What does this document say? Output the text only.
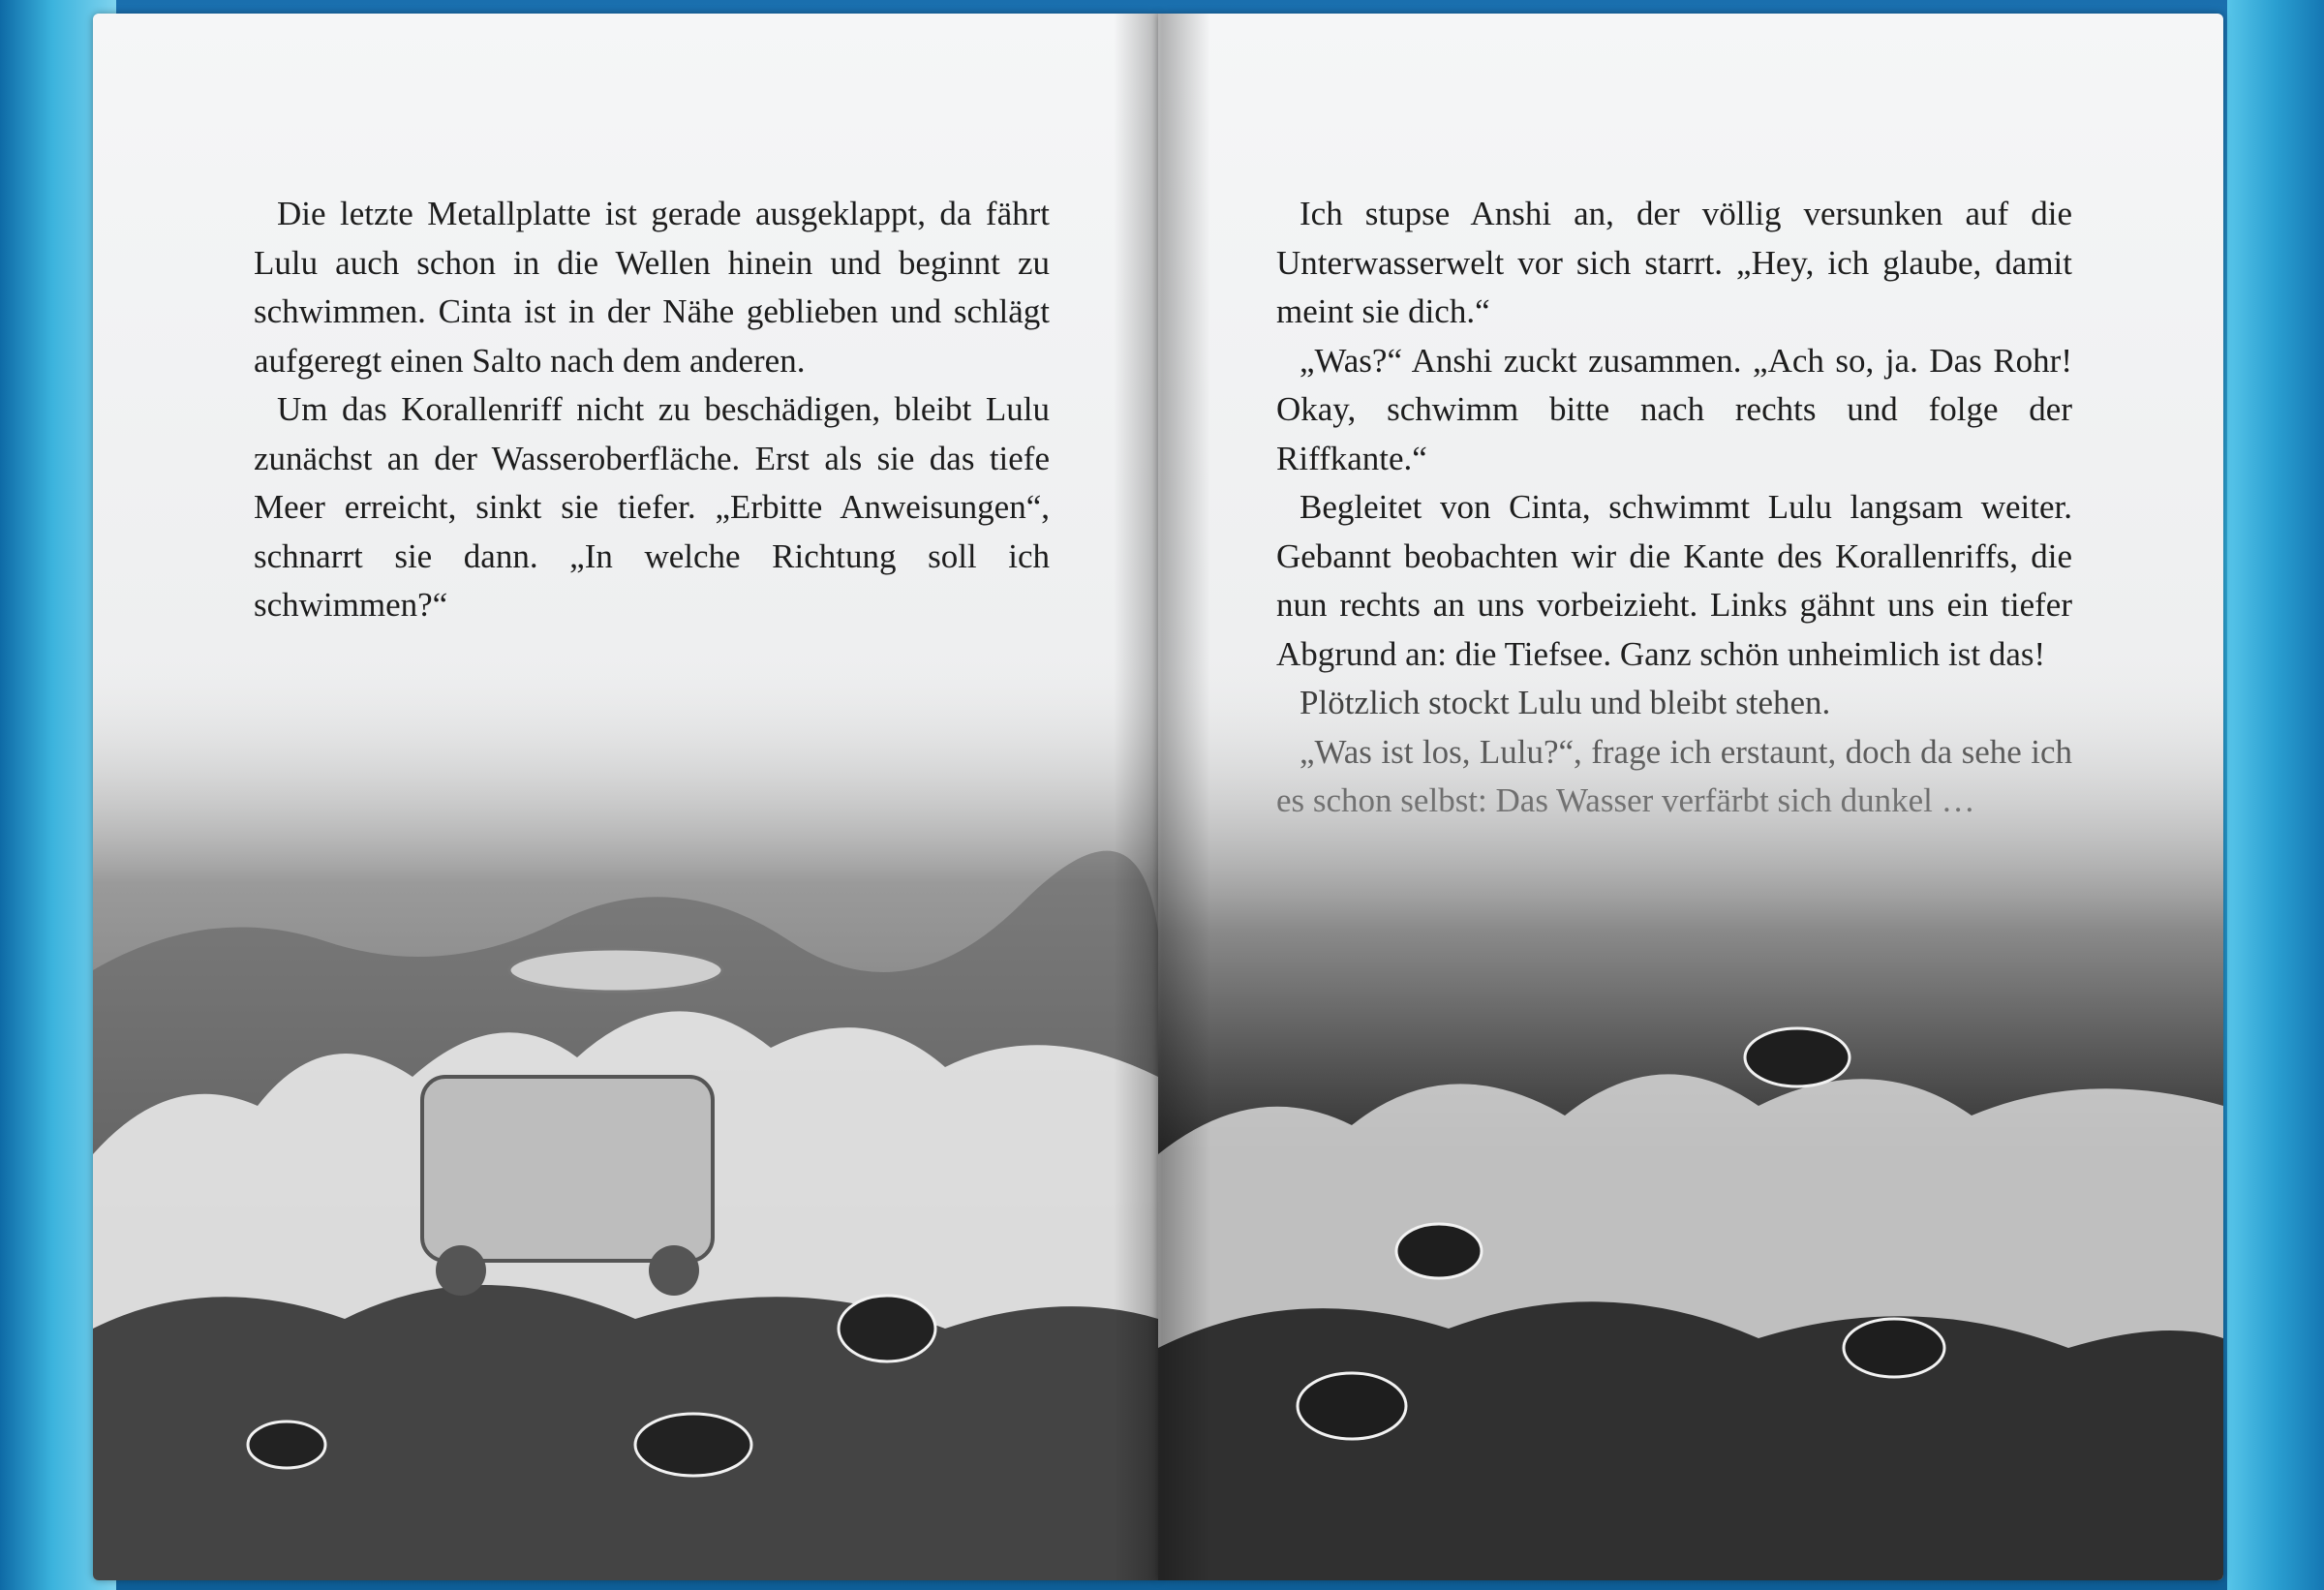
Die letzte Metallplatte ist gerade ausgeklappt, da fährt Lulu auch schon in die Wellen hinein und beginnt zu schwimmen. Cinta ist in der Nähe geblieben und schlägt aufgeregt einen Salto nach dem anderen.

Um das Korallenriff nicht zu beschädigen, bleibt Lulu zunächst an der Wasseroberfläche. Erst als sie das tiefe Meer erreicht, sinkt sie tiefer. „Erbitte Anweisungen“, schnarrt sie dann. „In welche Richtung soll ich schwimmen?“

Ich stupse Anshi an, der völlig versunken auf die Unterwasserwelt vor sich starrt. „Hey, ich glaube, damit meint sie dich.“

„Was?“ Anshi zuckt zusammen. „Ach so, ja. Das Rohr! Okay, schwimm bitte nach rechts und folge der Riffkante.“

Begleitet von Cinta, schwimmt Lulu langsam weiter. Gebannt beobachten wir die Kante des Korallenriffs, die nun rechts an uns vorbeizieht. Links gähnt uns ein tiefer
